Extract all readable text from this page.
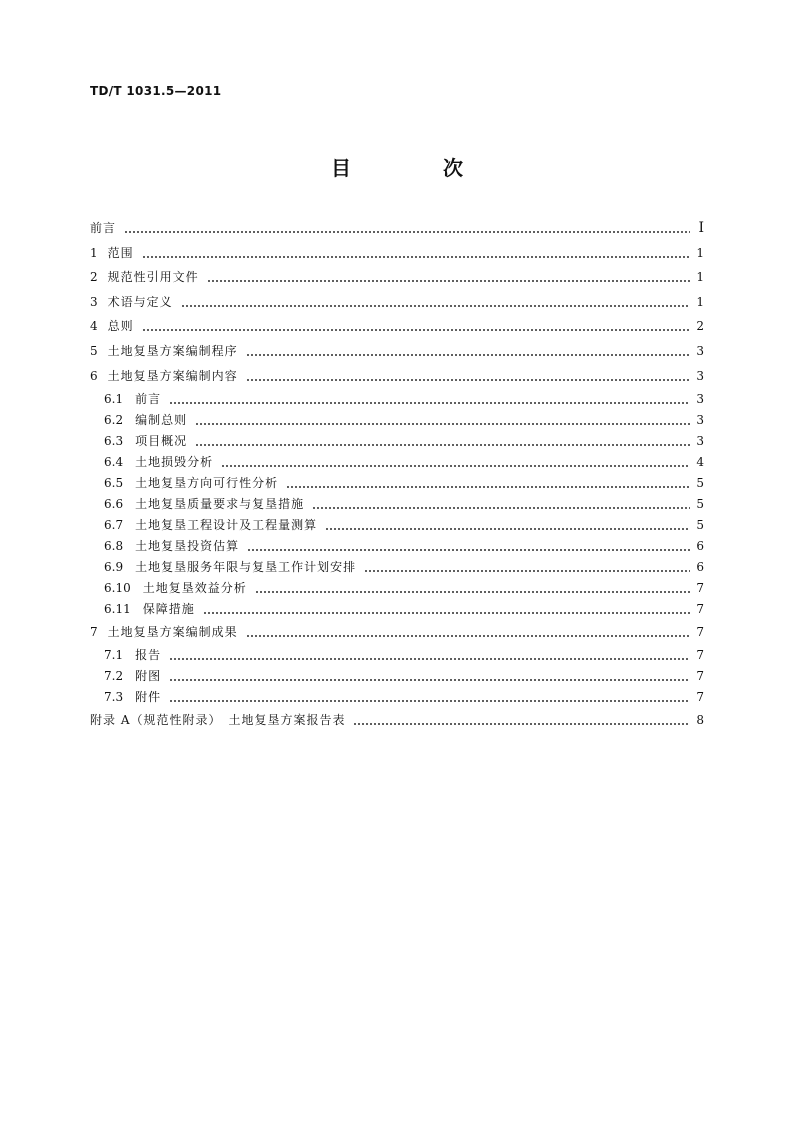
TD/T 1031.5—2011
目　次
前言	Ⅰ
1 范围	1
2 规范性引用文件	1
3 术语与定义	1
4 总则	2
5 土地复垦方案编制程序	3
6 土地复垦方案编制内容	3
6.1 前言	3
6.2 编制总则	3
6.3 项目概况	3
6.4 土地损毁分析	4
6.5 土地复垦方向可行性分析	5
6.6 土地复垦质量要求与复垦措施	5
6.7 土地复垦工程设计及工程量测算	5
6.8 土地复垦投资估算	6
6.9 土地复垦服务年限与复垦工作计划安排	6
6.10 土地复垦效益分析	7
6.11 保障措施	7
7 土地复垦方案编制成果	7
7.1 报告	7
7.2 附图	7
7.3 附件	7
附录 A（规范性附录）　土地复垦方案报告表	8
